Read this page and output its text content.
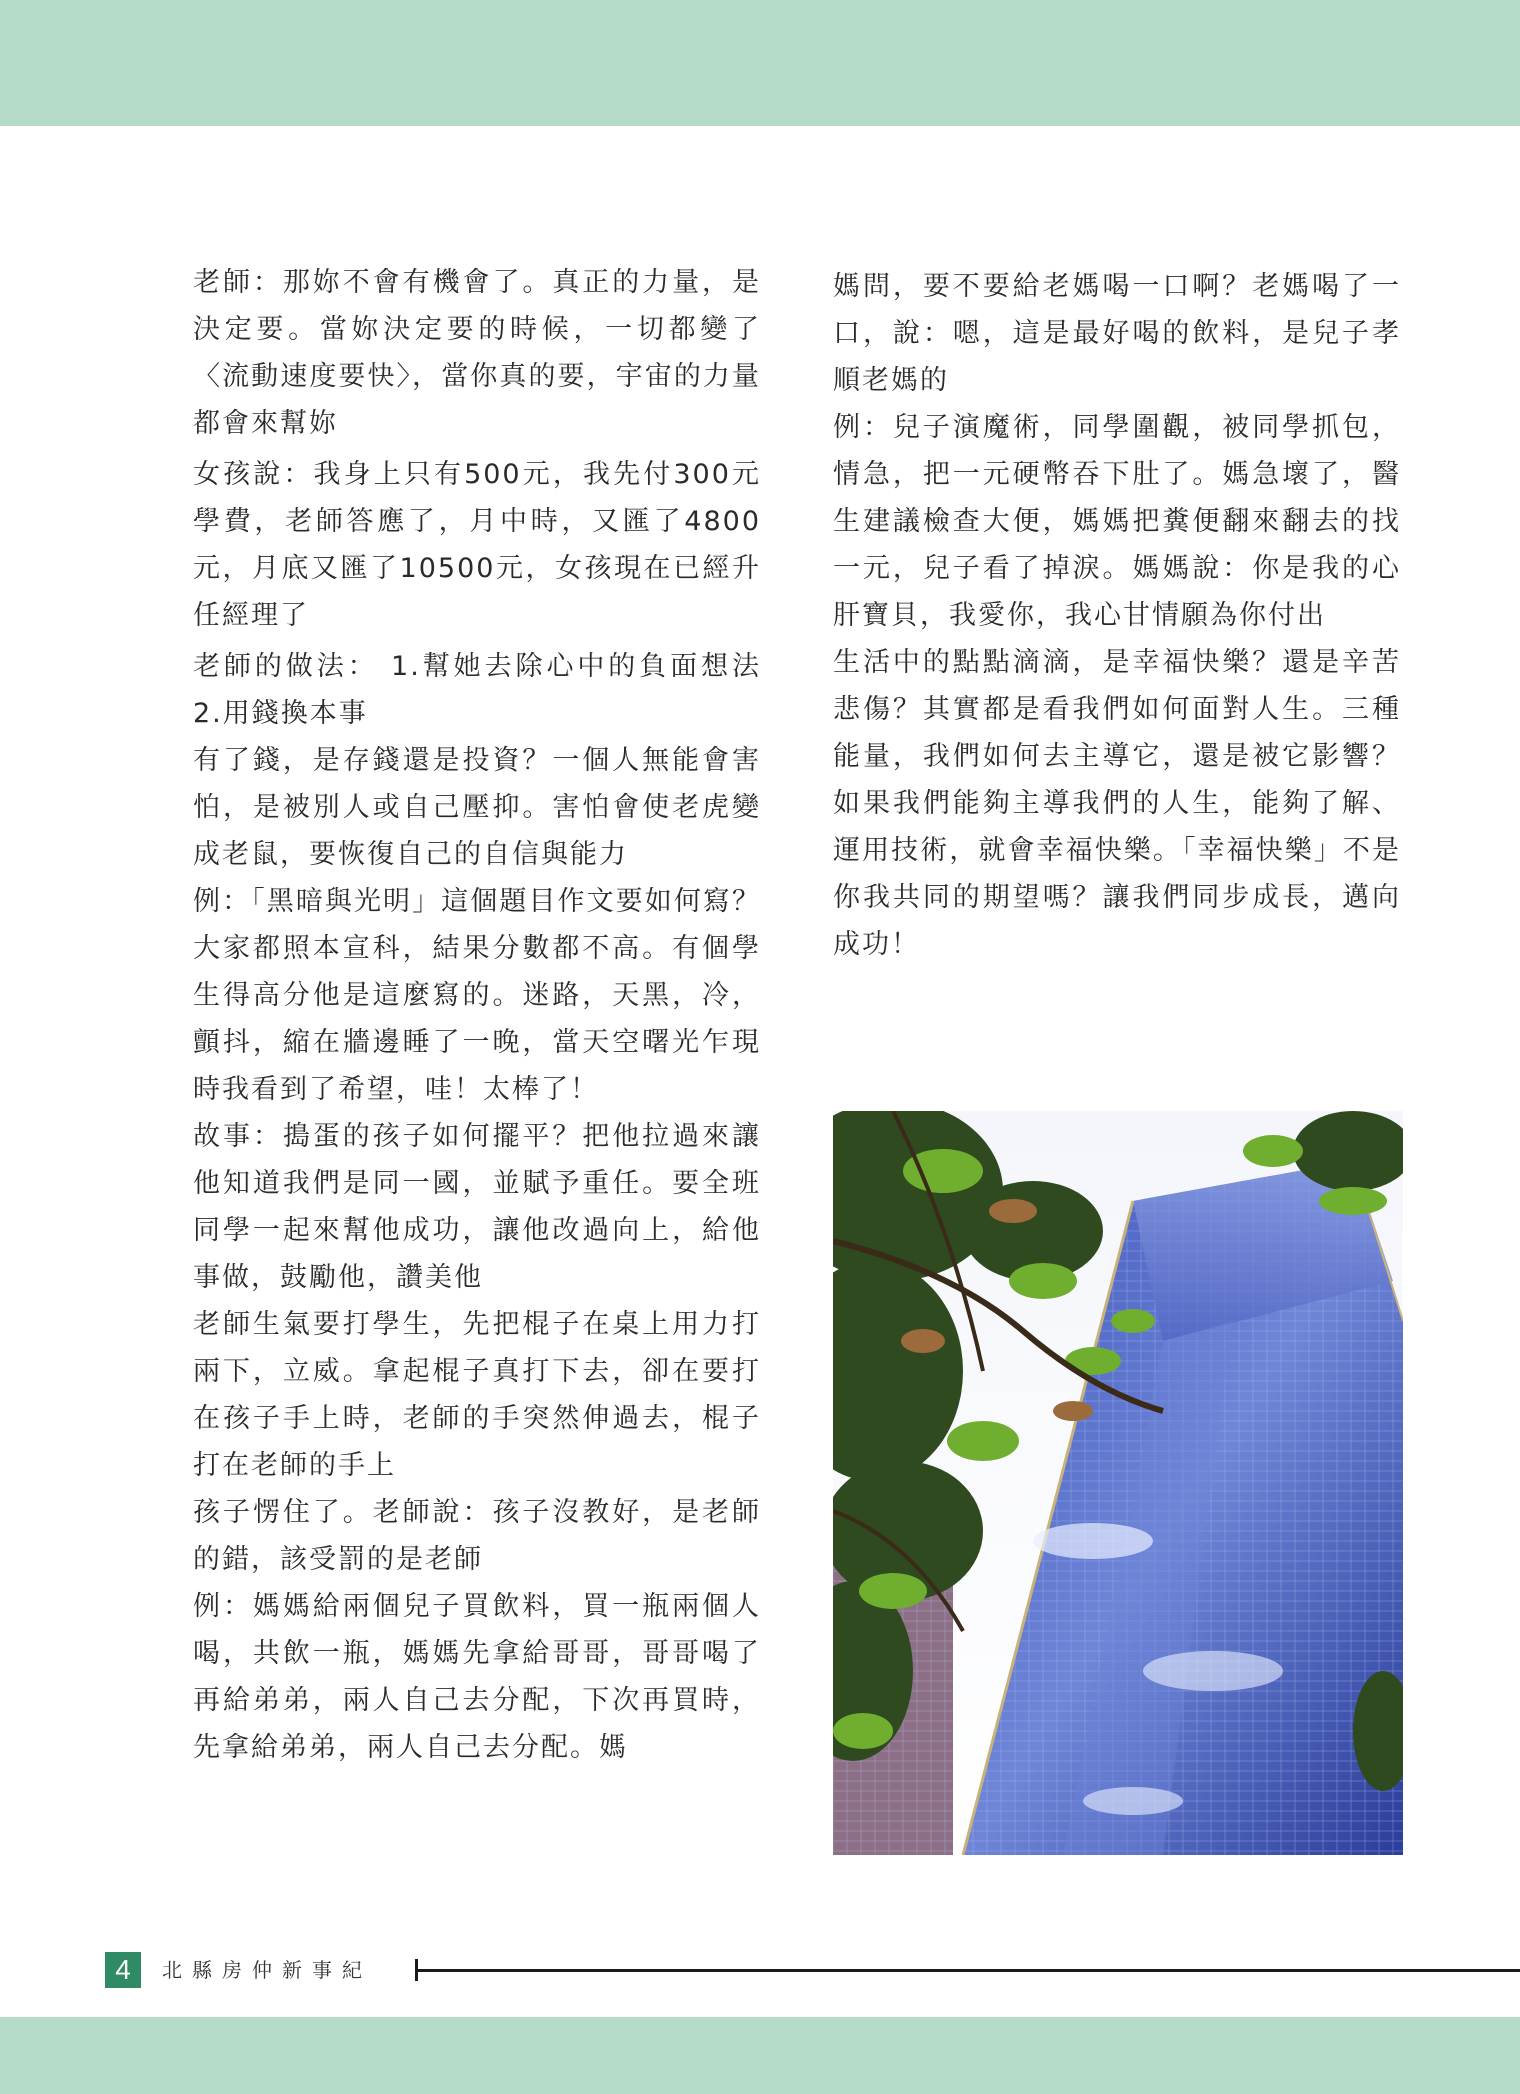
老師：那妳不會有機會了。真正的力量，是決定要。當妳決定要的時候，一切都變了〈流動速度要快〉，當你真的要，宇宙的力量都會來幫妳

女孩說：我身上只有500元，我先付300元學費，老師答應了，月中時，又匯了4800元，月底又匯了10500元，女孩現在已經升任經理了

老師的做法： 1.幫她去除心中的負面想法 2.用錢換本事

有了錢，是存錢還是投資？一個人無能會害怕，是被別人或自己壓抑。害怕會使老虎變成老鼠，要恢復自己的自信與能力

例：「黑暗與光明」這個題目作文要如何寫？大家都照本宣科，結果分數都不高。有個學生得高分他是這麼寫的。迷路，天黑，冷，顫抖，縮在牆邊睡了一晚，當天空曙光乍現時我看到了希望，哇！太棒了！

故事：搗蛋的孩子如何擺平？把他拉過來讓他知道我們是同一國，並賦予重任。要全班同學一起來幫他成功，讓他改過向上，給他事做，鼓勵他，讚美他

老師生氣要打學生，先把棍子在桌上用力打兩下，立威。拿起棍子真打下去，卻在要打在孩子手上時，老師的手突然伸過去，棍子打在老師的手上

孩子愣住了。老師說：孩子沒教好，是老師的錯，該受罰的是老師

例：媽媽給兩個兒子買飲料，買一瓶兩個人喝，共飲一瓶，媽媽先拿給哥哥，哥哥喝了再給弟弟，兩人自己去分配，下次再買時，先拿給弟弟，兩人自己去分配。媽

媽問，要不要給老媽喝一口啊？老媽喝了一口，說：嗯，這是最好喝的飲料，是兒子孝順老媽的

例：兒子演魔術，同學圍觀，被同學抓包，情急，把一元硬幣吞下肚了。媽急壞了，醫生建議檢查大便，媽媽把糞便翻來翻去的找一元，兒子看了掉淚。媽媽說：你是我的心肝寶貝，我愛你，我心甘情願為你付出

生活中的點點滴滴，是幸福快樂？還是辛苦悲傷？其實都是看我們如何面對人生。三種能量，我們如何去主導它，還是被它影響？如果我們能夠主導我們的人生，能夠了解、運用技術，就會幸福快樂。「幸福快樂」不是你我共同的期望嗎？讓我們同步成長，邁向成功！

4	北縣房仲新事紀
